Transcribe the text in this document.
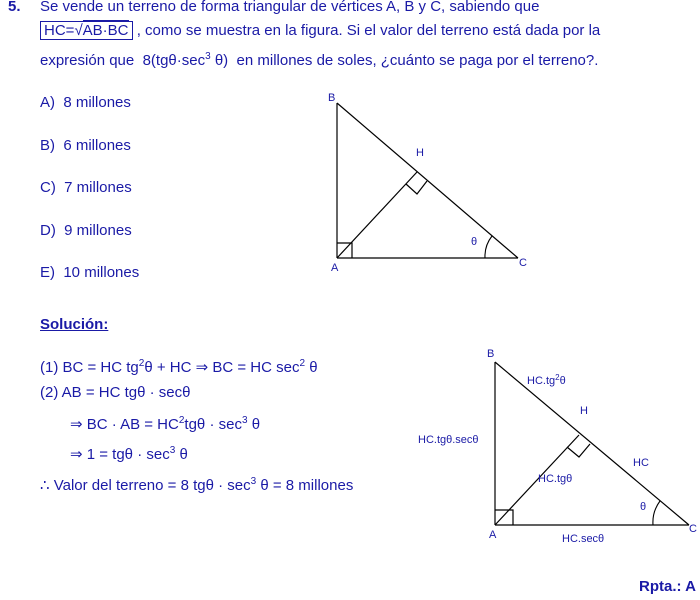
5. Se vende un terreno de forma triangular de vértices A, B y C, sabiendo que
HC=√AB·BC , como se muestra en la figura. Si el valor del terreno está dada por la
expresión que $8(tg\theta\cdot\sec^3$ θ) en millones de soles, ¿cuánto se paga por el terreno?.
A) 8 millones
B) 6 millones
C) 7 millones
D) 9 millones
E) 10 millones
B
H
A	C
θ
Solución:
(1) BC = HC $tg^2\theta$ + HC ⇒ BC = HC $\sec^2 \theta$
(2) AB = HC tgθ · secθ
⇒ BC · AB = $HC^2tg\theta \cdot \sec^3 \theta$
⇒ $1 = tg\theta \cdot \sec^3 \theta$
∴ Valor del terreno = 8 $tg\theta \cdot \sec^3 \theta = 8$ millones
B
H
A	C
θ
$HC.tg^2\theta$
HC.tgθ.secθ
HC.tgθ
HC
HC.secθ
Rpta.: A
